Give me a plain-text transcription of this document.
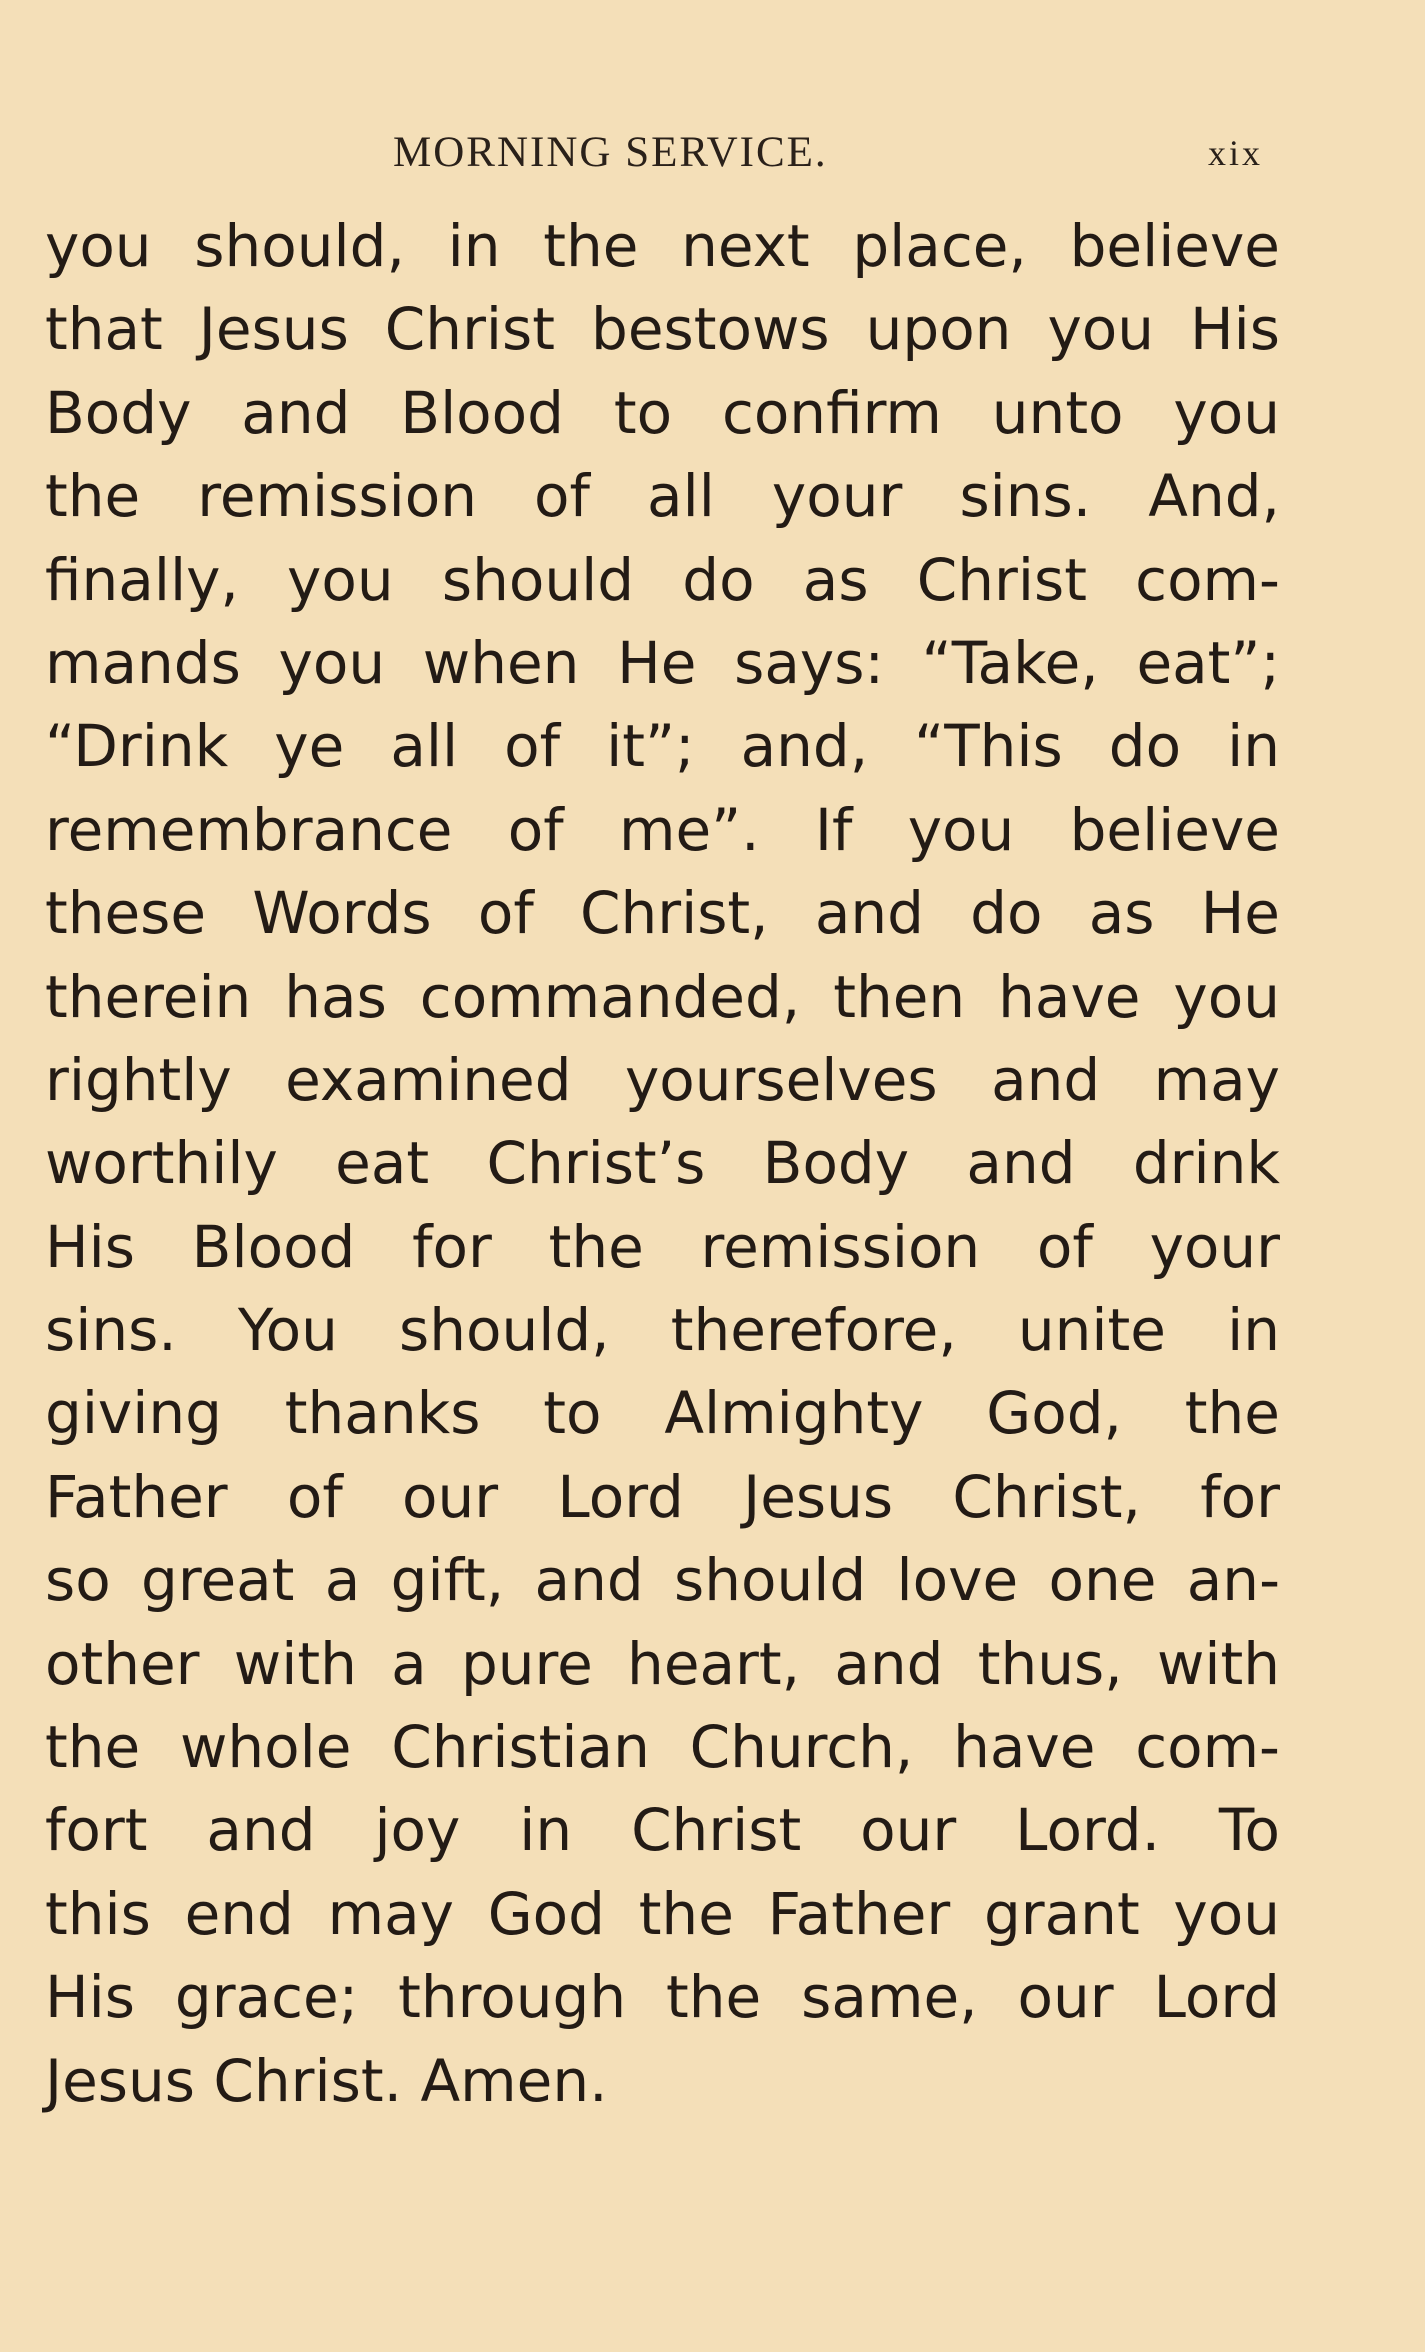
MORNING SERVICE.	xix
you should, in the next place, believe
that Jesus Christ bestows upon you His
Body and Blood to confirm unto you
the remission of all your sins. And,
finally, you should do as Christ com-
mands you when He says: “Take, eat”;
“Drink ye all of it”; and, “This do in
remembrance of me”. If you believe
these Words of Christ, and do as He
therein has commanded, then have you
rightly examined yourselves and may
worthily eat Christ’s Body and drink
His Blood for the remission of your
sins. You should, therefore, unite in
giving thanks to Almighty God, the
Father of our Lord Jesus Christ, for
so great a gift, and should love one an-
other with a pure heart, and thus, with
the whole Christian Church, have com-
fort and joy in Christ our Lord. To
this end may God the Father grant you
His grace; through the same, our Lord
Jesus Christ. Amen.
